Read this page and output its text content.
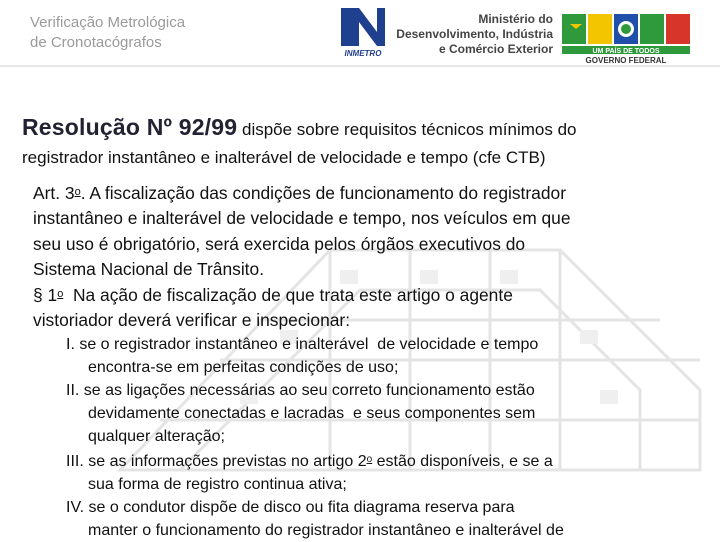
Verificação Metrológica
de Cronotacógrafos
INMETRO
Ministério do
Desenvolvimento, Indústria
e Comércio Exterior	UM PAÍS DE TODOS
GOVERNO FEDERAL
Resolução Nº 92/99 dispõe sobre requisitos técnicos mínimos do
registrador instantâneo e inalterável de velocidade e tempo (cfe CTB)

Art. 3$^o$. A fiscalização das condições de funcionamento do registrador
instantâneo e inalterável de velocidade e tempo, nos veículos em que
seu uso é obrigatório, será exercida pelos órgãos executivos do
Sistema Nacional de Trânsito.

§ 1$^o$  Na ação de fiscalização de que trata este artigo o agente
vistoriador deverá verificar e inspecionar:

I. se o registrador instantâneo e inalterável  de velocidade e tempo
encontra-se em perfeitas condições de uso;

II. se as ligações necessárias ao seu correto funcionamento estão
devidamente conectadas e lacradas  e seus componentes sem
qualquer alteração;

III. se as informações previstas no artigo 2$^o$ estão disponíveis, e se a
sua forma de registro continua ativa;

IV. se o condutor dispõe de disco ou fita diagrama reserva para
manter o funcionamento do registrador instantâneo e inalterável de
